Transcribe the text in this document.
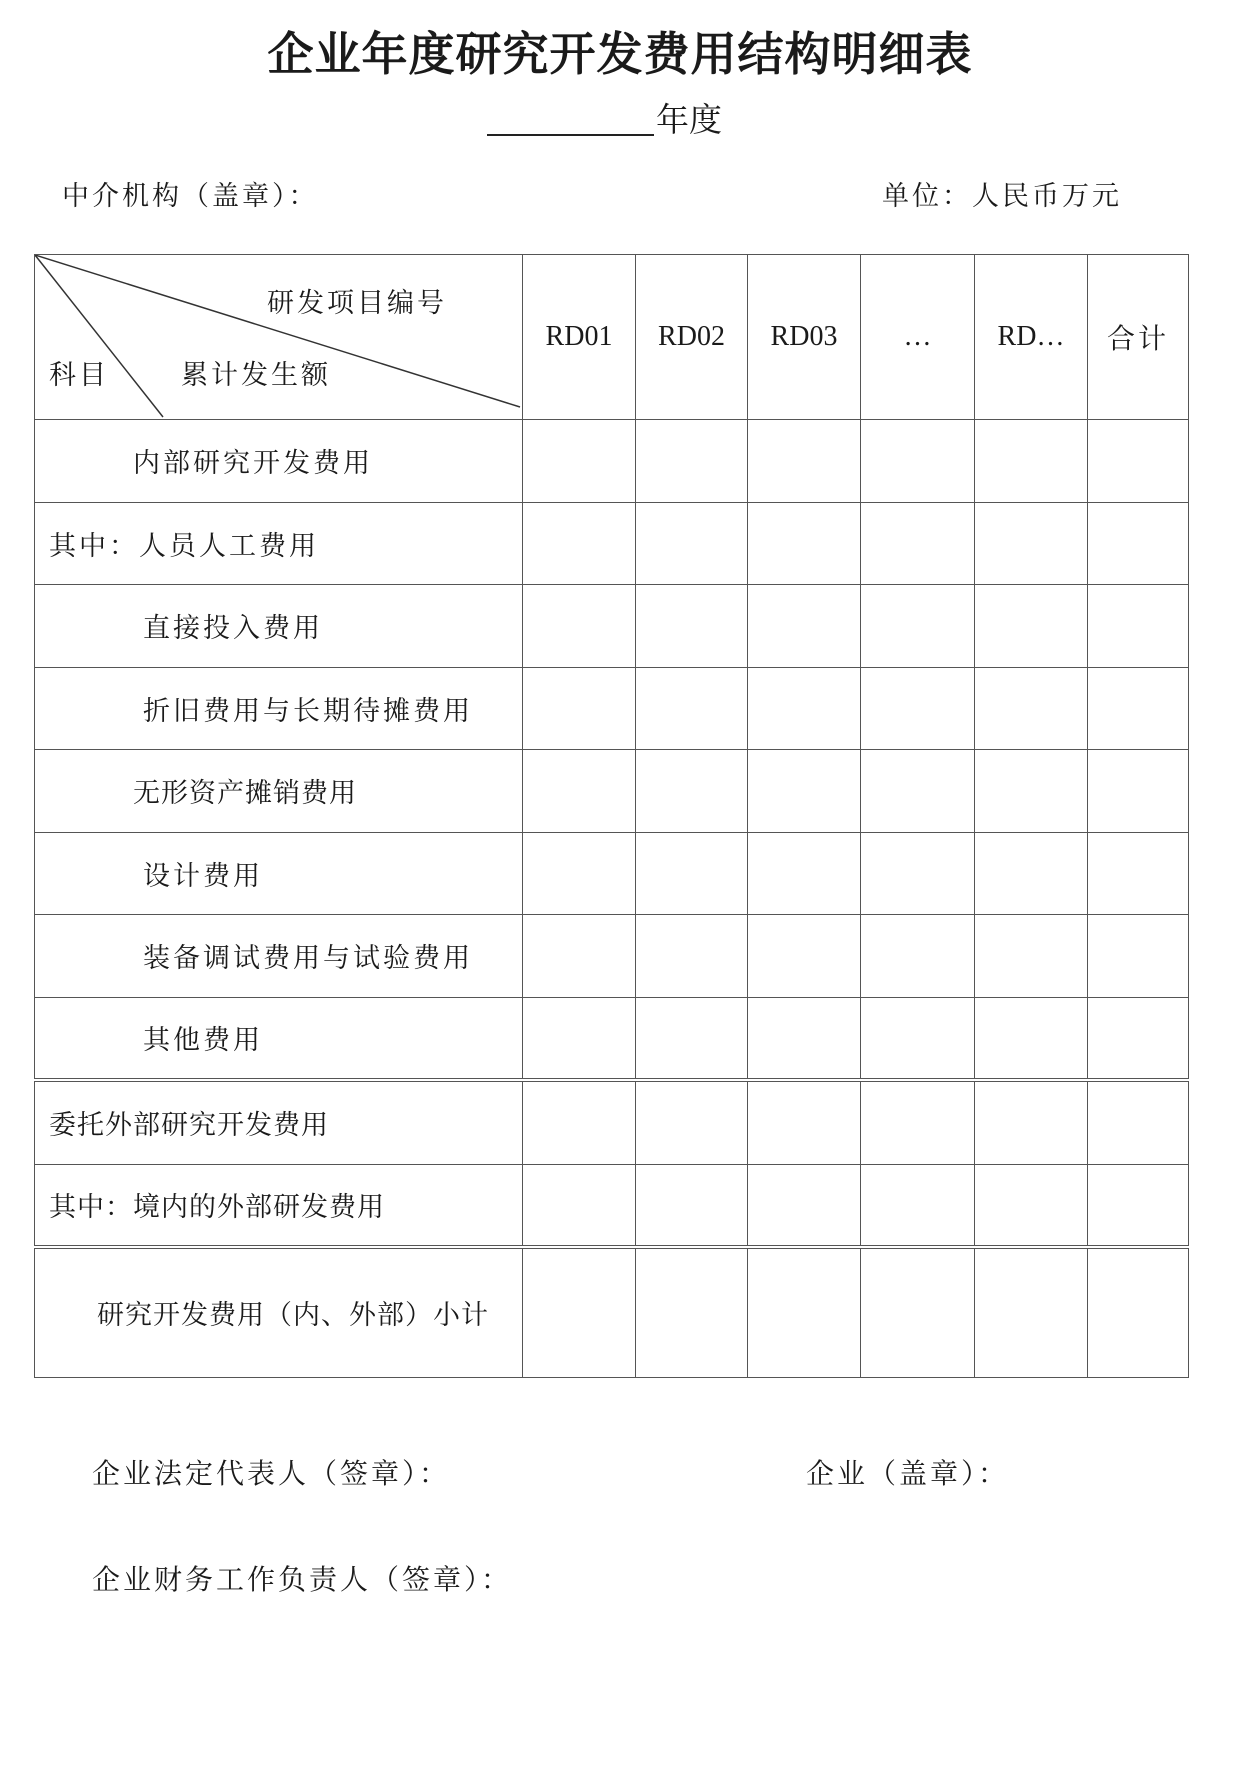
企业年度研究开发费用结构明细表
年度
中介机构（盖章）：	单位：人民币万元
研发项目编号
科目 累计发生额	RD01	RD02	RD03	…	RD…	合计
内部研究开发费用						
其中：人员人工费用						
直接投入费用						
折旧费用与长期待摊费用						
无形资产摊销费用						
设计费用						
装备调试费用与试验费用						
其他费用						
委托外部研究开发费用						
其中：境内的外部研发费用						
研究开发费用（内、外部）小计						
企业法定代表人（签章）：	企业（盖章）：
企业财务工作负责人（签章）：
